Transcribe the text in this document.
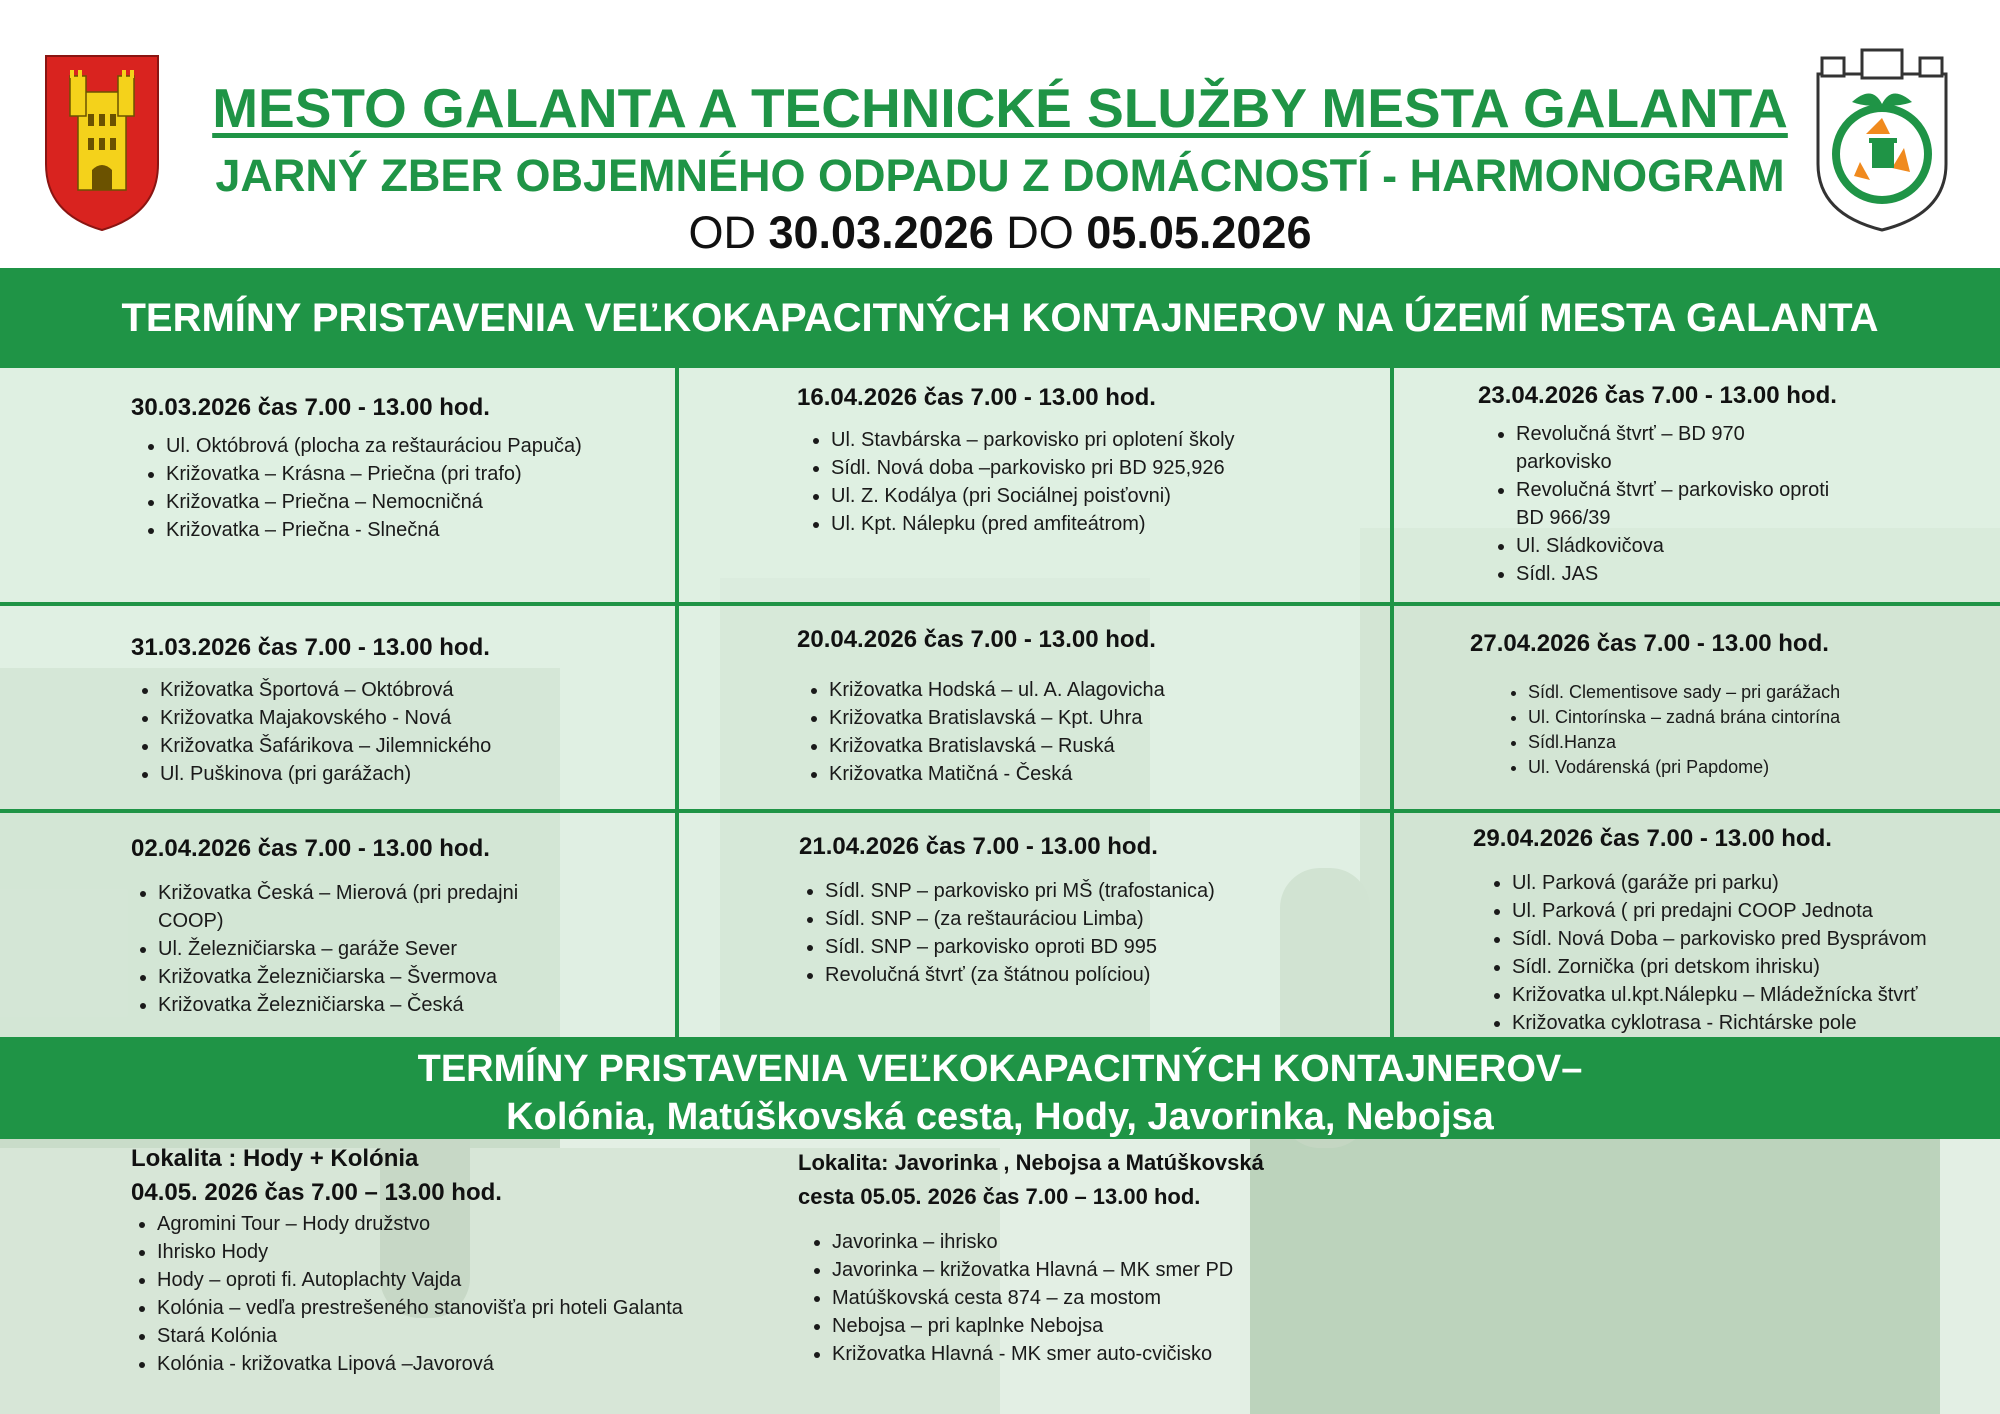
MESTO GALANTA A TECHNICKÉ SLUŽBY MESTA GALANTA
JARNÝ ZBER OBJEMNÉHO ODPADU Z DOMÁCNOSTÍ - HARMONOGRAM
OD 30.03.2026 DO 05.05.2026
TERMÍNY PRISTAVENIA VEĽKOKAPACITNÝCH KONTAJNEROV NA ÚZEMÍ MESTA GALANTA
30.03.2026 čas 7.00 - 13.00 hod.
• Ul. Októbrová (plocha za reštauráciou Papuča)
• Križovatka – Krásna – Priečna (pri trafo)
• Križovatka – Priečna – Nemocničná
• Križovatka – Priečna - Slnečná
16.04.2026 čas 7.00 - 13.00 hod.
• Ul. Stavbárska – parkovisko pri oplotení školy
• Sídl. Nová doba –parkovisko pri BD 925,926
• Ul. Z. Kodálya (pri Sociálnej poisťovni)
• Ul. Kpt. Nálepku (pred amfiteátrom)
23.04.2026 čas 7.00 - 13.00 hod.
• Revolučná štvrť – BD 970 parkovisko
• Revolučná štvrť – parkovisko oproti BD 966/39
• Ul. Sládkovičova
• Sídl. JAS
31.03.2026 čas 7.00 - 13.00 hod.
• Križovatka Športová – Októbrová
• Križovatka Majakovského - Nová
• Križovatka Šafárikova – Jilemnického
• Ul. Puškinova (pri garážach)
20.04.2026 čas 7.00 - 13.00 hod.
• Križovatka Hodská – ul. A. Alagovicha
• Križovatka Bratislavská – Kpt. Uhra
• Križovatka Bratislavská – Ruská
• Križovatka Matičná - Česká
27.04.2026 čas 7.00 - 13.00 hod.
• Sídl. Clementisove sady – pri garážach
• Ul. Cintorínska – zadná brána cintorína
• Sídl.Hanza
• Ul. Vodárenská (pri Papdome)
02.04.2026 čas 7.00 - 13.00 hod.
• Križovatka Česká – Mierová (pri predajni COOP)
• Ul. Železničiarska – garáže Sever
• Križovatka Železničiarska – Švermova
• Križovatka Železničiarska – Česká
21.04.2026 čas 7.00 - 13.00 hod.
• Sídl. SNP – parkovisko pri MŠ (trafostanica)
• Sídl. SNP – (za reštauráciou Limba)
• Sídl. SNP – parkovisko oproti BD 995
• Revolučná štvrť (za štátnou políciou)
29.04.2026 čas 7.00 - 13.00 hod.
• Ul. Parková (garáže pri parku)
• Ul. Parková ( pri predajni COOP Jednota
• Sídl. Nová Doba – parkovisko pred Bysprávom
• Sídl. Zornička (pri detskom ihrisku)
• Križovatka ul.kpt.Nálepku – Mládežnícka štvrť
• Križovatka cyklotrasa - Richtárske pole
TERMÍNY PRISTAVENIA VEĽKOKAPACITNÝCH KONTAJNEROV–
Kolónia, Matúškovská cesta, Hody, Javorinka, Nebojsa
Lokalita : Hody + Kolónia
04.05. 2026 čas 7.00 – 13.00 hod.
• Agromini Tour – Hody družstvo
• Ihrisko Hody
• Hody – oproti fi. Autoplachty Vajda
• Kolónia – vedľa prestrešeného stanovišťa pri hoteli Galanta
• Stará Kolónia
• Kolónia - križovatka Lipová –Javorová
Lokalita: Javorinka , Nebojsa a Matúškovská
cesta 05.05. 2026 čas 7.00 – 13.00 hod.
• Javorinka – ihrisko
• Javorinka – križovatka Hlavná – MK smer PD
• Matúškovská cesta 874 – za mostom
• Nebojsa – pri kaplnke Nebojsa
• Križovatka Hlavná - MK smer auto-cvičisko
